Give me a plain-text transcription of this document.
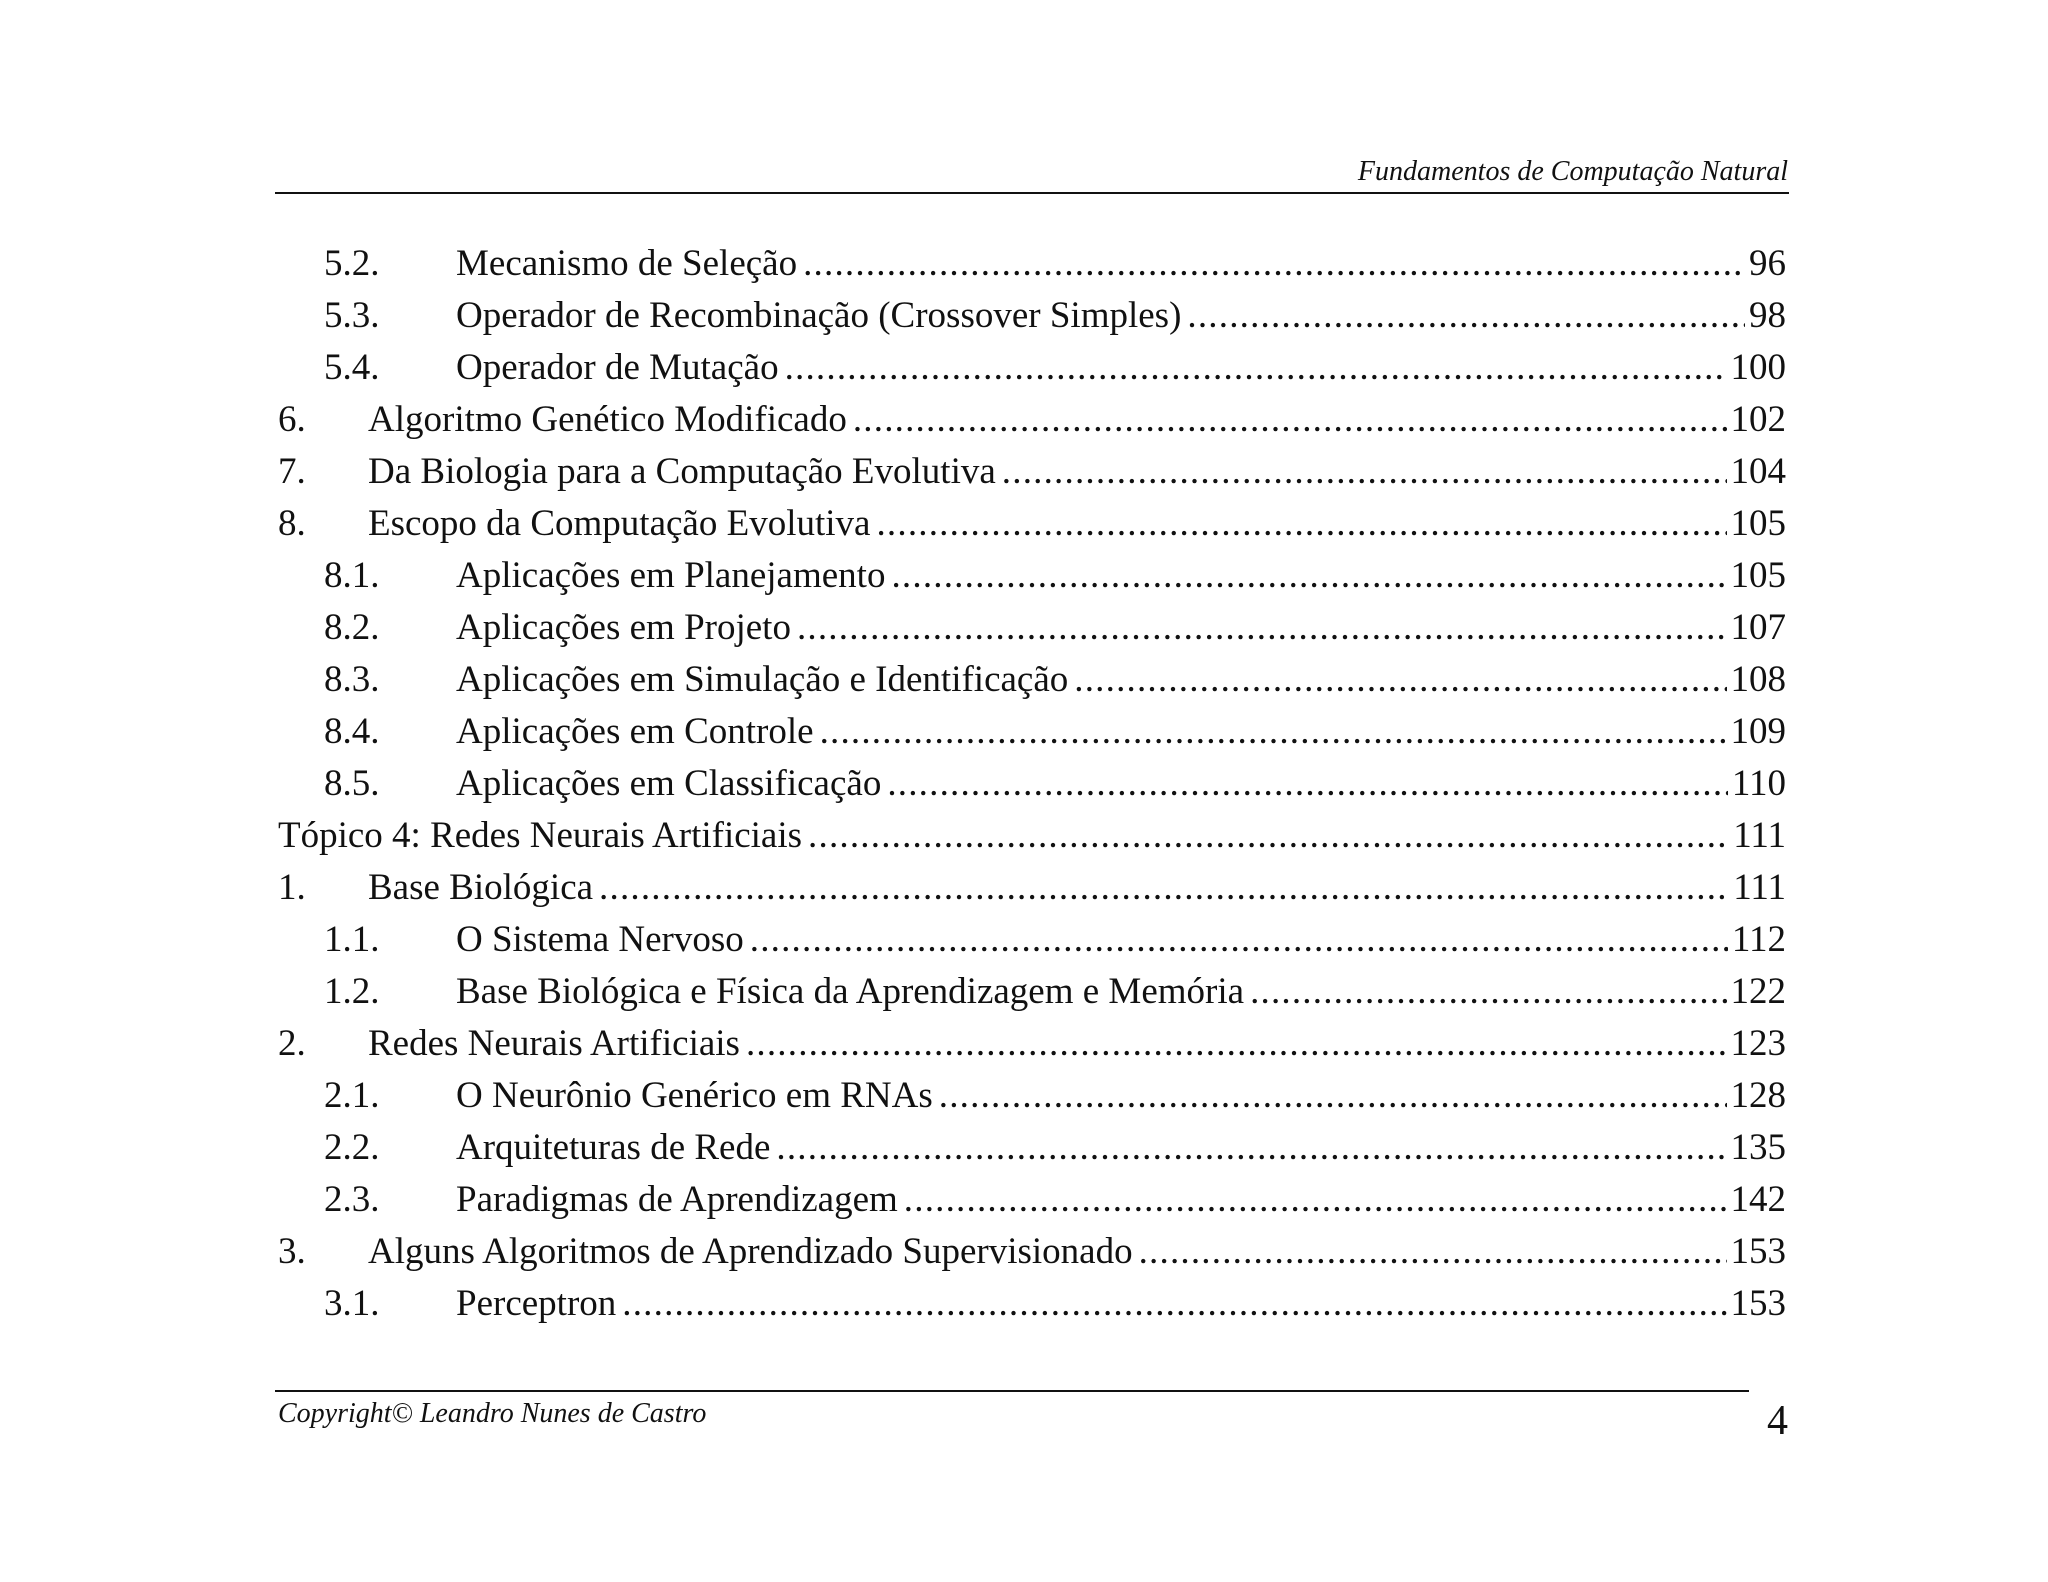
Fundamentos de Computação Natural
5.2. Mecanismo de Seleção .....	96
5.3. Operador de Recombinação (Crossover Simples) .....	98
5.4. Operador de Mutação .....	100
6. Algoritmo Genético Modificado .....	102
7. Da Biologia para a Computação Evolutiva .....	104
8. Escopo da Computação Evolutiva .....	105
8.1. Aplicações em Planejamento .....	105
8.2. Aplicações em Projeto .....	107
8.3. Aplicações em Simulação e Identificação .....	108
8.4. Aplicações em Controle .....	109
8.5. Aplicações em Classificação .....	110
Tópico 4: Redes Neurais Artificiais .....	111
1. Base Biológica .....	111
1.1. O Sistema Nervoso .....	112
1.2. Base Biológica e Física da Aprendizagem e Memória .....	122
2. Redes Neurais Artificiais .....	123
2.1. O Neurônio Genérico em RNAs .....	128
2.2. Arquiteturas de Rede .....	135
2.3. Paradigmas de Aprendizagem .....	142
3. Alguns Algoritmos de Aprendizado Supervisionado .....	153
3.1. Perceptron .....	153
Copyright© Leandro Nunes de Castro	4
